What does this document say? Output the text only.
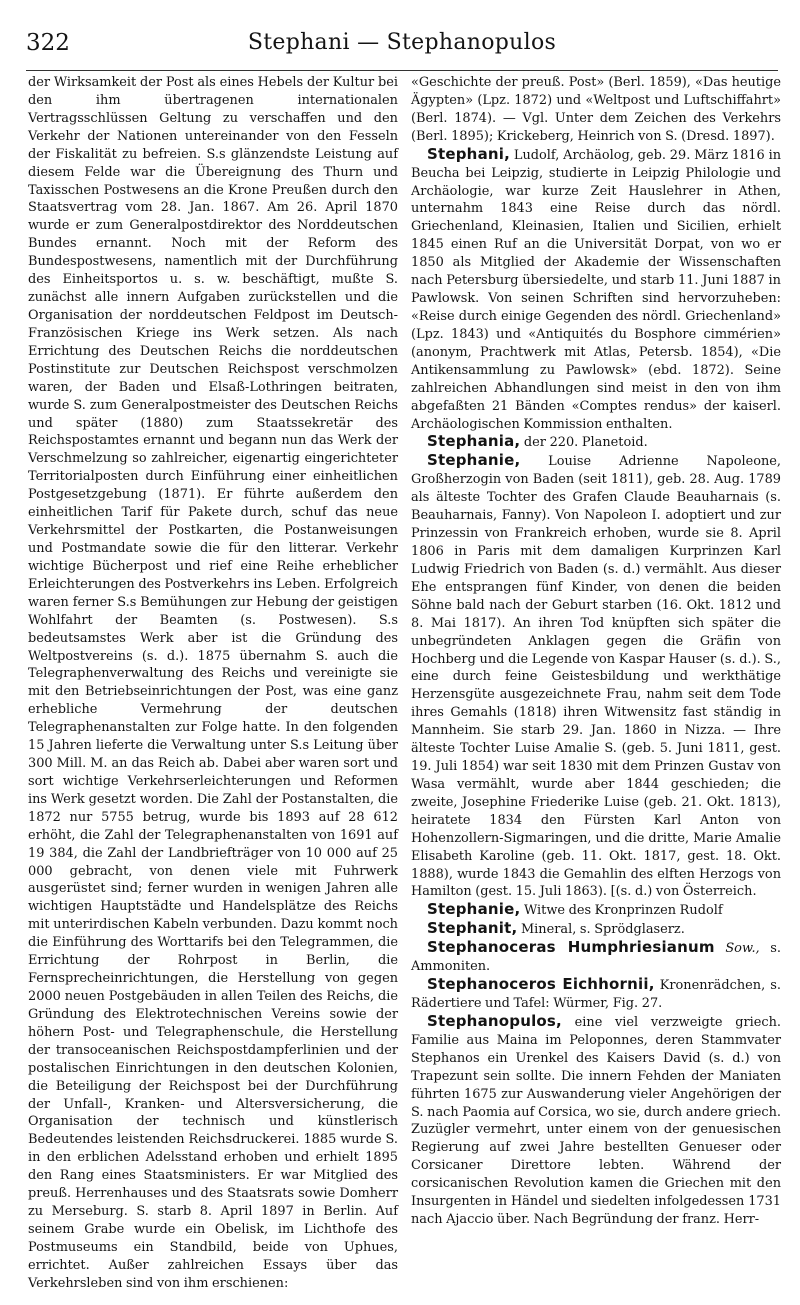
322	Stephani — Stephanopulos

der Wirksamkeit der Post als eines Hebels der Kultur bei den ihm übertragenen internationalen Vertragsschlüssen Geltung zu verschaffen und den Verkehr der Nationen untereinander von den Fesseln der Fiskalität zu befreien. S.s glänzendste Leistung auf diesem Felde war die Übereignung des Thurn und Taxisschen Postwesens an die Krone Preußen durch den Staatsvertrag vom 28. Jan. 1867. Am 26. April 1870 wurde er zum Generalpostdirektor des Norddeutschen Bundes ernannt. Noch mit der Reform des Bundespostwesens, namentlich mit der Durchführung des Einheitsportos u. s. w. beschäftigt, mußte S. zunächst alle innern Aufgaben zurückstellen und die Organisation der norddeutschen Feldpost im Deutsch-Französischen Kriege ins Werk setzen. Als nach Errichtung des Deutschen Reichs die norddeutschen Postinstitute zur Deutschen Reichspost verschmolzen waren, der Baden und Elsaß-Lothringen beitraten, wurde S. zum Generalpostmeister des Deutschen Reichs und später (1880) zum Staatssekretär des Reichspostamtes ernannt und begann nun das Werk der Verschmelzung so zahlreicher, eigenartig eingerichteter Territorialposten durch Einführung einer einheitlichen Postgesetzgebung (1871). Er führte außerdem den einheitlichen Tarif für Pakete durch, schuf das neue Verkehrsmittel der Postkarten, die Postanweisungen und Postmandate sowie die für den litterar. Verkehr wichtige Bücherpost und rief eine Reihe erheblicher Erleichterungen des Postverkehrs ins Leben. Erfolgreich waren ferner S.s Bemühungen zur Hebung der geistigen Wohlfahrt der Beamten (s. Postwesen). S.s bedeutsamstes Werk aber ist die Gründung des Weltpostvereins (s. d.). 1875 übernahm S. auch die Telegraphenverwaltung des Reichs und vereinigte sie mit den Betriebseinrichtungen der Post, was eine ganz erhebliche Vermehrung der deutschen Telegraphenanstalten zur Folge hatte. In den folgenden 15 Jahren lieferte die Verwaltung unter S.s Leitung über 300 Mill. M. an das Reich ab. Dabei aber waren sort und sort wichtige Verkehrserleichterungen und Reformen ins Werk gesetzt worden. Die Zahl der Postanstalten, die 1872 nur 5755 betrug, wurde bis 1893 auf 28 612 erhöht, die Zahl der Telegraphenanstalten von 1691 auf 19 384, die Zahl der Landbriefträger von 10 000 auf 25 000 gebracht, von denen viele mit Fuhrwerk ausgerüstet sind; ferner wurden in wenigen Jahren alle wichtigen Hauptstädte und Handelsplätze des Reichs mit unterirdischen Kabeln verbunden. Dazu kommt noch die Einführung des Worttarifs bei den Telegrammen, die Errichtung der Rohrpost in Berlin, die Fernsprecheinrichtungen, die Herstellung von gegen 2000 neuen Postgebäuden in allen Teilen des Reichs, die Gründung des Elektrotechnischen Vereins sowie der höhern Post- und Telegraphenschule, die Herstellung der transoceanischen Reichspostdampferlinien und der postalischen Einrichtungen in den deutschen Kolonien, die Beteiligung der Reichspost bei der Durchführung der Unfall-, Kranken- und Altersversicherung, die Organisation der technisch und künstlerisch Bedeutendes leistenden Reichsdruckerei. 1885 wurde S. in den erblichen Adelsstand erhoben und erhielt 1895 den Rang eines Staatsministers. Er war Mitglied des preuß. Herrenhauses und des Staatsrats sowie Domherr zu Merseburg. S. starb 8. April 1897 in Berlin. Auf seinem Grabe wurde ein Obelisk, im Lichthofe des Postmuseums ein Standbild, beide von Uphues, errichtet. Außer zahlreichen Essays über das Verkehrsleben sind von ihm erschienen:

«Geschichte der preuß. Post» (Berl. 1859), «Das heutige Ägypten» (Lpz. 1872) und «Weltpost und Luftschiffahrt» (Berl. 1874). — Vgl. Unter dem Zeichen des Verkehrs (Berl. 1895); Krickeberg, Heinrich von S. (Dresd. 1897).

Stephani, Ludolf, Archäolog, geb. 29. März 1816 in Beucha bei Leipzig, studierte in Leipzig Philologie und Archäologie, war kurze Zeit Hauslehrer in Athen, unternahm 1843 eine Reise durch das nördl. Griechenland, Kleinasien, Italien und Sicilien, erhielt 1845 einen Ruf an die Universität Dorpat, von wo er 1850 als Mitglied der Akademie der Wissenschaften nach Petersburg übersiedelte, und starb 11. Juni 1887 in Pawlowsk. Von seinen Schriften sind hervorzuheben: «Reise durch einige Gegenden des nördl. Griechenland» (Lpz. 1843) und «Antiquités du Bosphore cimmérien» (anonym, Prachtwerk mit Atlas, Petersb. 1854), «Die Antikensammlung zu Pawlowsk» (ebd. 1872). Seine zahlreichen Abhandlungen sind meist in den von ihm abgefaßten 21 Bänden «Comptes rendus» der kaiserl. Archäologischen Kommission enthalten.

Stephania, der 220. Planetoid.

Stephanie, Louise Adrienne Napoleone, Großherzogin von Baden (seit 1811), geb. 28. Aug. 1789 als älteste Tochter des Grafen Claude Beauharnais (s. Beauharnais, Fanny). Von Napoleon I. adoptiert und zur Prinzessin von Frankreich erhoben, wurde sie 8. April 1806 in Paris mit dem damaligen Kurprinzen Karl Ludwig Friedrich von Baden (s. d.) vermählt. Aus dieser Ehe entsprangen fünf Kinder, von denen die beiden Söhne bald nach der Geburt starben (16. Okt. 1812 und 8. Mai 1817). An ihren Tod knüpften sich später die unbegründeten Anklagen gegen die Gräfin von Hochberg und die Legende von Kaspar Hauser (s. d.). S., eine durch feine Geistesbildung und werkthätige Herzensgüte ausgezeichnete Frau, nahm seit dem Tode ihres Gemahls (1818) ihren Witwensitz fast ständig in Mannheim. Sie starb 29. Jan. 1860 in Nizza. — Ihre älteste Tochter Luise Amalie S. (geb. 5. Juni 1811, gest. 19. Juli 1854) war seit 1830 mit dem Prinzen Gustav von Wasa vermählt, wurde aber 1844 geschieden; die zweite, Josephine Friederike Luise (geb. 21. Okt. 1813), heiratete 1834 den Fürsten Karl Anton von Hohenzollern-Sigmaringen, und die dritte, Marie Amalie Elisabeth Karoline (geb. 11. Okt. 1817, gest. 18. Okt. 1888), wurde 1843 die Gemahlin des elften Herzogs von Hamilton (gest. 15. Juli 1863). [(s. d.) von Österreich.

Stephanie, Witwe des Kronprinzen Rudolf

Stephanit, Mineral, s. Sprödglaserz.

Stephanoceras Humphriesianum Sow., s. Ammoniten.

Stephanoceros Eichhornii, Kronenrädchen, s. Rädertiere und Tafel: Würmer, Fig. 27.

Stephanopulos, eine viel verzweigte griech. Familie aus Maina im Peloponnes, deren Stammvater Stephanos ein Urenkel des Kaisers David (s. d.) von Trapezunt sein sollte. Die innern Fehden der Maniaten führten 1675 zur Auswanderung vieler Angehörigen der S. nach Paomia auf Corsica, wo sie, durch andere griech. Zuzügler vermehrt, unter einem von der genuesischen Regierung auf zwei Jahre bestellten Genueser oder Corsicaner Direttore lebten. Während der corsicanischen Revolution kamen die Griechen mit den Insurgenten in Händel und siedelten infolgedessen 1731 nach Ajaccio über. Nach Begründung der franz. Herr-
